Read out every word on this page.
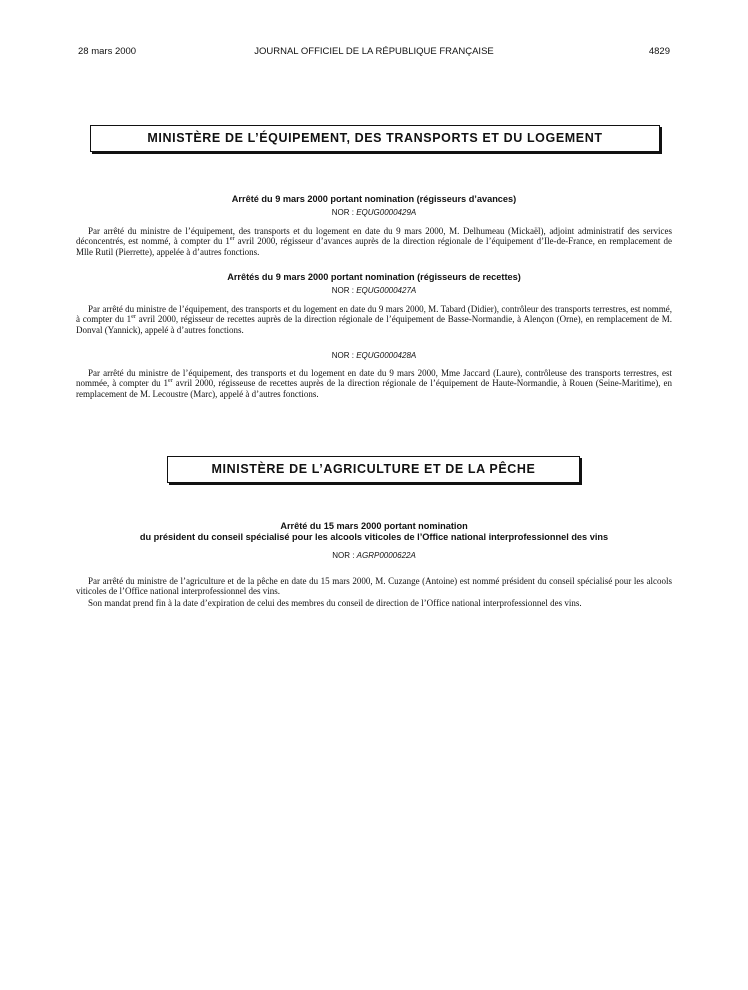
28 mars 2000	JOURNAL OFFICIEL DE LA RÉPUBLIQUE FRANÇAISE	4829
MINISTÈRE DE L’ÉQUIPEMENT, DES TRANSPORTS ET DU LOGEMENT
Arrêté du 9 mars 2000 portant nomination (régisseurs d’avances)
NOR : EQUG0000429A
Par arrêté du ministre de l’équipement, des transports et du logement en date du 9 mars 2000, M. Delhumeau (Mickaël), adjoint administratif des services déconcentrés, est nommé, à compter du 1er avril 2000, régisseur d’avances auprès de la direction régionale de l’équipement d’Ile-de-France, en remplacement de Mlle Rutil (Pierrette), appelée à d’autres fonctions.
Arrêtés du 9 mars 2000 portant nomination (régisseurs de recettes)
NOR : EQUG0000427A
Par arrêté du ministre de l’équipement, des transports et du logement en date du 9 mars 2000, M. Tabard (Didier), contrôleur des transports terrestres, est nommé, à compter du 1er avril 2000, régisseur de recettes auprès de la direction régionale de l’équipement de Basse-Normandie, à Alençon (Orne), en remplacement de M. Donval (Yannick), appelé à d’autres fonctions.
NOR : EQUG0000428A
Par arrêté du ministre de l’équipement, des transports et du logement en date du 9 mars 2000, Mme Jaccard (Laure), contrôleuse des transports terrestres, est nommée, à compter du 1er avril 2000, régisseuse de recettes auprès de la direction régionale de l’équipement de Haute-Normandie, à Rouen (Seine-Maritime), en remplacement de M. Lecoustre (Marc), appelé à d’autres fonctions.
MINISTÈRE DE L’AGRICULTURE ET DE LA PÊCHE
Arrêté du 15 mars 2000 portant nomination
du président du conseil spécialisé pour les alcools viticoles de l’Office national interprofessionnel des vins
NOR : AGRP0000622A
Par arrêté du ministre de l’agriculture et de la pêche en date du 15 mars 2000, M. Cuzange (Antoine) est nommé président du conseil spécialisé pour les alcools viticoles de l’Office national interprofessionnel des vins.
Son mandat prend fin à la date d’expiration de celui des membres du conseil de direction de l’Office national interprofessionnel des vins.
